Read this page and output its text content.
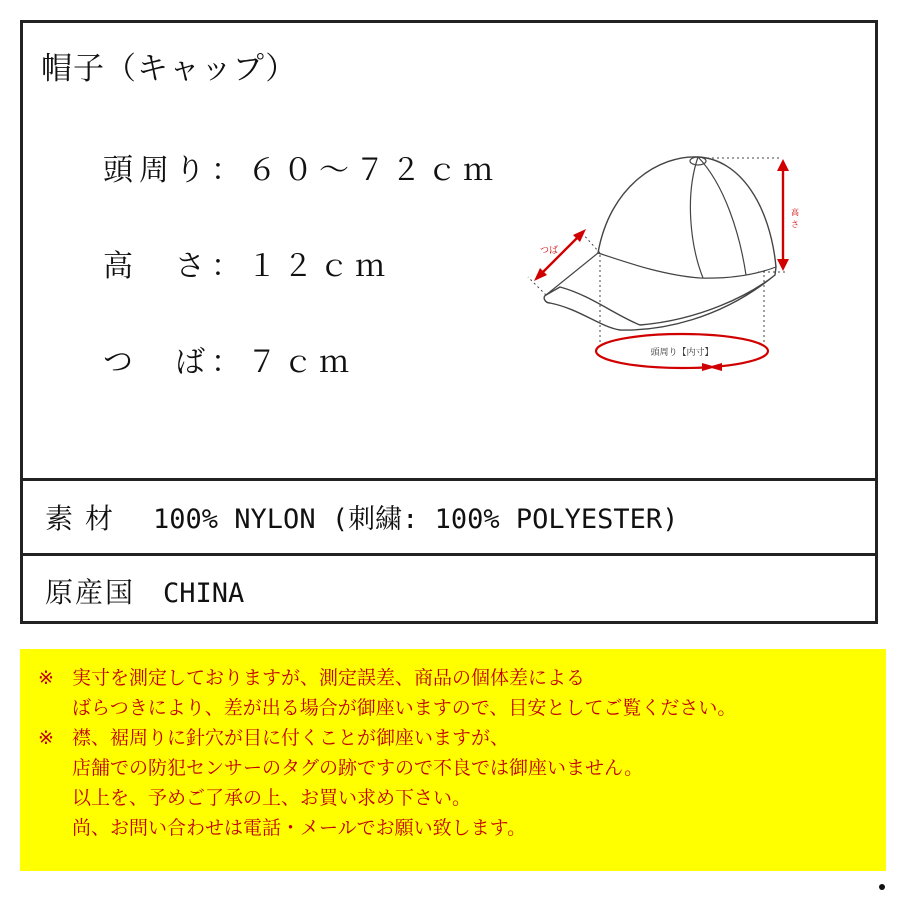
帽子（キャップ）
頭周り：６０～７２ｃｍ
高　さ：１２ｃｍ
つ　ば：７ｃｍ
素材 100% NYLON (刺繍: 100% POLYESTER)
原産国 CHINA
高
さ
つば
頭周り【内寸】
※ 実寸を測定しておりますが、測定誤差、商品の個体差による
ばらつきにより、差が出る場合が御座いますので、目安としてご覧ください。
※ 襟、裾周りに針穴が目に付くことが御座いますが、
店舗での防犯センサーのタグの跡ですので不良では御座いません。
以上を、予めご了承の上、お買い求め下さい。
尚、お問い合わせは電話・メールでお願い致します。
